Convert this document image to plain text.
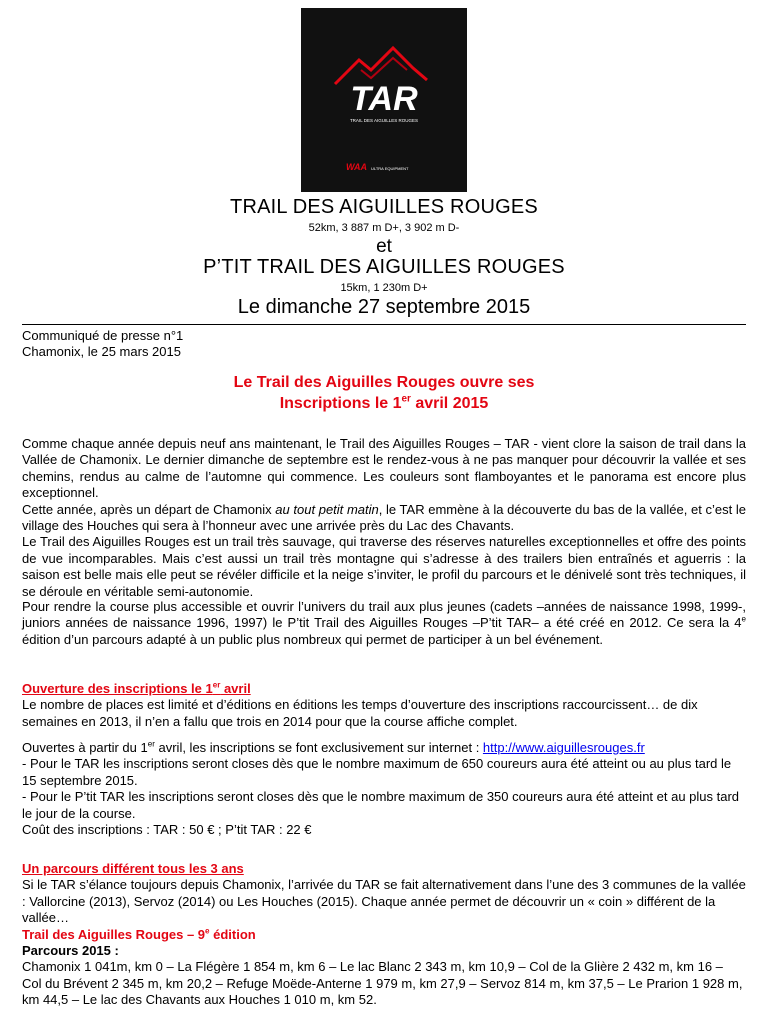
TAR
TRAIL DES AIGUILLES ROUGES
WAA ULTRA EQUIPMENT
TRAIL DES AIGUILLES ROUGES
52km, 3 887 m D+, 3 902 m D-
et
P’TIT TRAIL DES AIGUILLES ROUGES
15km, 1 230m D+
Le dimanche 27 septembre 2015
Communiqué de presse n°1
Chamonix, le 25 mars 2015
Le Trail des Aiguilles Rouges ouvre ses
Inscriptions le 1er avril 2015
Comme chaque année depuis neuf ans maintenant, le Trail des Aiguilles Rouges – TAR - vient clore la saison de trail dans la Vallée de Chamonix. Le dernier dimanche de septembre est le rendez-vous à ne pas manquer pour découvrir la vallée et ses chemins, rendus au calme de l’automne qui commence. Les couleurs sont flamboyantes et le panorama est encore plus exceptionnel.
Cette année, après un départ de Chamonix au tout petit matin, le TAR emmène à la découverte du bas de la vallée, et c’est le village des Houches qui sera à l’honneur avec une arrivée près du Lac des Chavants.
Le Trail des Aiguilles Rouges est un trail très sauvage, qui traverse des réserves naturelles exceptionnelles et offre des points de vue incomparables. Mais c’est aussi un trail très montagne qui s’adresse à des trailers bien entraînés et aguerris : la saison est belle mais elle peut se révéler difficile et la neige s’inviter, le profil du parcours et le dénivelé sont très techniques, il se déroule en véritable semi-autonomie.
Pour rendre la course plus accessible et ouvrir l’univers du trail aux plus jeunes (cadets –années de naissance 1998, 1999-, juniors années de naissance 1996, 1997) le P’tit Trail des Aiguilles Rouges –P’tit TAR– a été créé en 2012. Ce sera la 4e édition d’un parcours adapté à un public plus nombreux qui permet de participer à un bel événement.
Ouverture des inscriptions le 1er avril
Le nombre de places est limité et d’éditions en éditions les temps d’ouverture des inscriptions raccourcissent… de dix semaines en 2013, il n’en a fallu que trois en 2014 pour que la course affiche complet.
Ouvertes à partir du 1er avril, les inscriptions se font exclusivement sur internet : http://www.aiguillesrouges.fr
- Pour le TAR les inscriptions seront closes dès que le nombre maximum de 650 coureurs aura été atteint ou au plus tard le 15 septembre 2015.
- Pour le P’tit TAR les inscriptions seront closes dès que le nombre maximum de 350 coureurs aura été atteint et au plus tard le jour de la course.
Coût des inscriptions : TAR : 50 € ; P’tit TAR : 22 €
Un parcours différent tous les 3 ans
Si le TAR s’élance toujours depuis Chamonix, l’arrivée du TAR se fait alternativement dans l’une des 3 communes de la vallée : Vallorcine (2013), Servoz (2014) ou Les Houches (2015). Chaque année permet de découvrir un « coin » différent de la vallée…
Trail des Aiguilles Rouges – 9e édition
Parcours 2015 :
Chamonix 1 041m, km 0 – La Flégère 1 854 m, km 6 – Le lac Blanc 2 343 m, km 10,9 – Col de la Glière 2 432 m, km 16 – Col du Brévent 2 345 m, km 20,2 – Refuge Moëde-Anterne 1 979 m, km 27,9 – Servoz 814 m, km 37,5 – Le Prarion 1 928 m, km 44,5 – Le lac des Chavants aux Houches 1 010 m, km 52.
